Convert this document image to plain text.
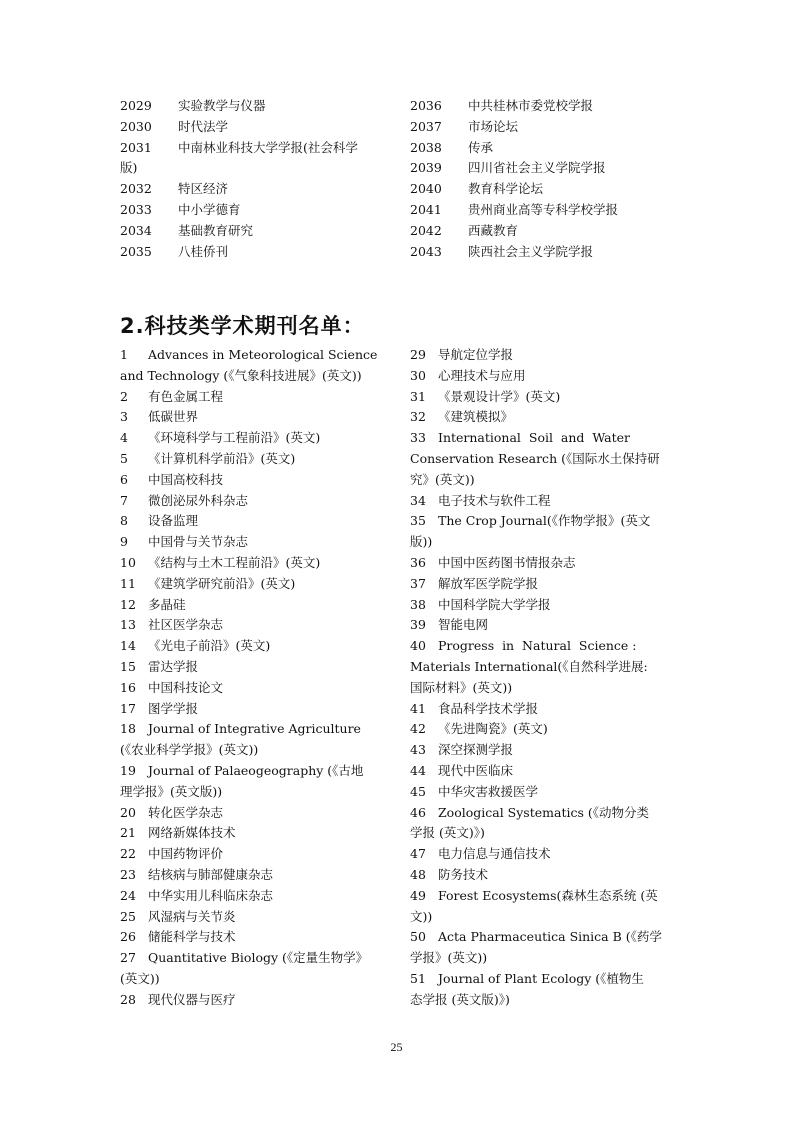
2029	实验教学与仪器
2030	时代法学
2031	中南林业科技大学学报(社会科学
版)
2032	特区经济
2033	中小学德育
2034	基础教育研究
2035	八桂侨刊
2036	中共桂林市委党校学报
2037	市场论坛
2038	传承
2039	四川省社会主义学院学报
2040	教育科学论坛
2041	贵州商业高等专科学校学报
2042	西藏教育
2043	陕西社会主义学院学报
2.科技类学术期刊名单：
1	Advances in Meteorological Science
and Technology (《气象科技进展》(英文))
2	有色金属工程
3	低碳世界
4	《环境科学与工程前沿》(英文)
5	《计算机科学前沿》(英文)
6	中国高校科技
7	微创泌尿外科杂志
8	设备监理
9	中国骨与关节杂志
10 《结构与土木工程前沿》(英文)
11 《建筑学研究前沿》(英文)
12 多晶硅
13 社区医学杂志
14 《光电子前沿》(英文)
15 雷达学报
16 中国科技论文
17 图学学报
18 Journal of Integrative Agriculture
(《农业科学学报》(英文))
19 Journal of Palaeogeography (《古地
理学报》(英文版))
20 转化医学杂志
21 网络新媒体技术
22 中国药物评价
23 结核病与肺部健康杂志
24 中华实用儿科临床杂志
25 风湿病与关节炎
26 储能科学与技术
27 Quantitative Biology (《定量生物学》
(英文))
28 现代仪器与医疗
29 导航定位学报
30 心理技术与应用
31 《景观设计学》(英文)
32 《建筑模拟》
33 International  Soil  and  Water
Conservation Research (《国际水土保持研
究》(英文))
34 电子技术与软件工程
35 The Crop Journal(《作物学报》(英文
版))
36 中国中医药图书情报杂志
37 解放军医学院学报
38 中国科学院大学学报
39 智能电网
40 Progress  in  Natural  Science :
Materials International(《自然科学进展:
国际材料》(英文))
41 食品科学技术学报
42 《先进陶瓷》(英文)
43 深空探测学报
44 现代中医临床
45 中华灾害救援医学
46 Zoological Systematics (《动物分类
学报 (英文)》)
47 电力信息与通信技术
48 防务技术
49 Forest Ecosystems(森林生态系统 (英
文))
50 Acta Pharmaceutica Sinica B (《药学
学报》(英文))
51 Journal of Plant Ecology (《植物生
态学报 (英文版)》)
25
